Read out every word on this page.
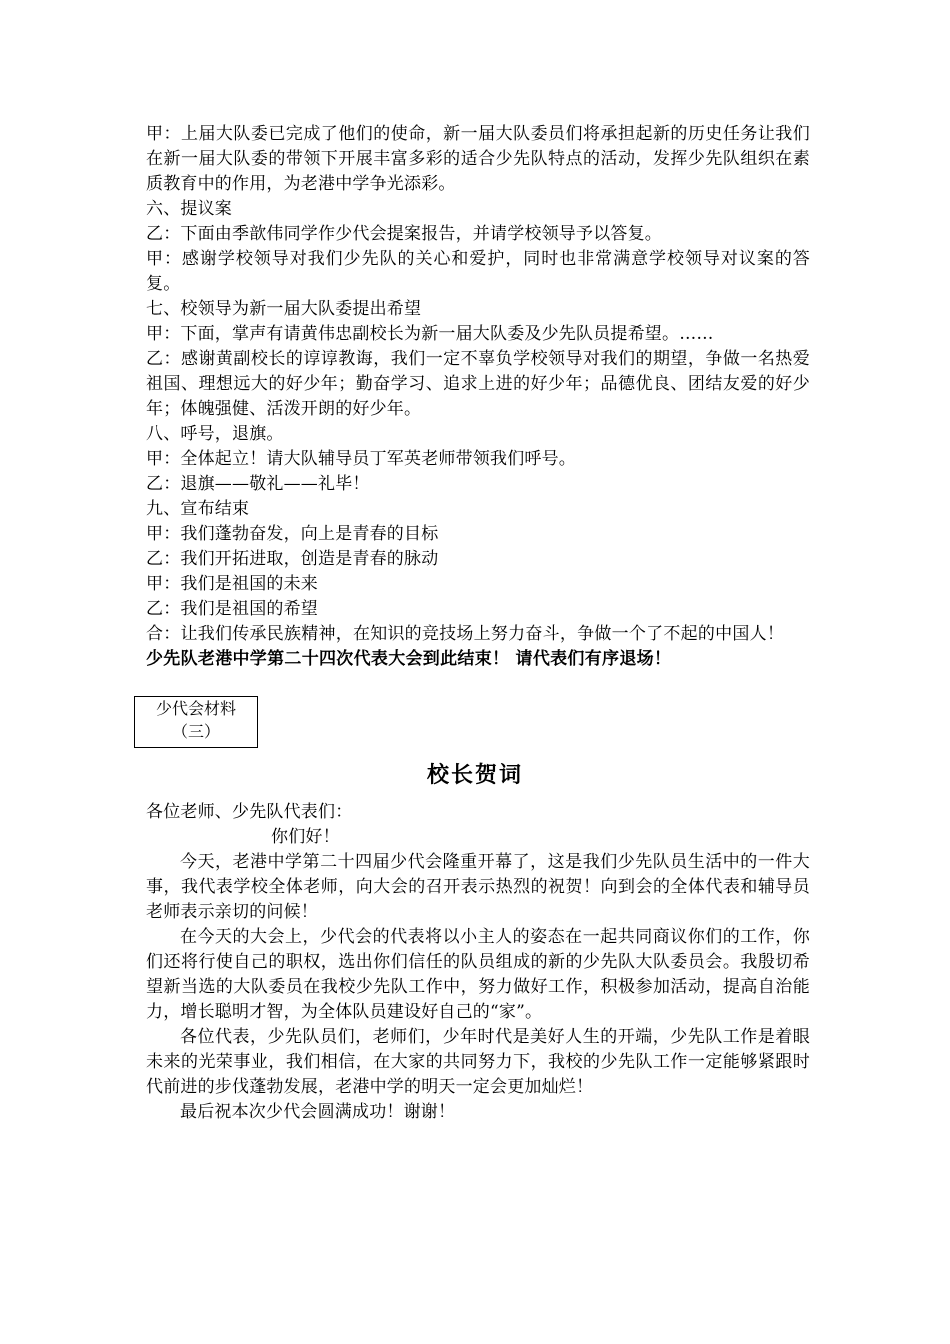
甲：上届大队委已完成了他们的使命，新一届大队委员们将承担起新的历史任务让我们在新一届大队委的带领下开展丰富多彩的适合少先队特点的活动，发挥少先队组织在素质教育中的作用，为老港中学争光添彩。

六、提议案

乙：下面由季歆伟同学作少代会提案报告，并请学校领导予以答复。

甲：感谢学校领导对我们少先队的关心和爱护，同时也非常满意学校领导对议案的答复。

七、校领导为新一届大队委提出希望

甲：下面，掌声有请黄伟忠副校长为新一届大队委及少先队员提希望。……

乙：感谢黄副校长的谆谆教诲，我们一定不辜负学校领导对我们的期望，争做一名热爱祖国、理想远大的好少年；勤奋学习、追求上进的好少年；品德优良、团结友爱的好少年；体魄强健、活泼开朗的好少年。

八、呼号，退旗。

甲：全体起立！请大队辅导员丁军英老师带领我们呼号。

乙：退旗——敬礼——礼毕！

九、宣布结束

甲：我们蓬勃奋发，向上是青春的目标

乙：我们开拓进取，创造是青春的脉动

甲：我们是祖国的未来

乙：我们是祖国的希望

合：让我们传承民族精神，在知识的竞技场上努力奋斗，争做一个了不起的中国人！  少先队老港中学第二十四次代表大会到此结束！ 请代表们有序退场！

少代会材料
（三）
校长贺词

各位老师、少先队代表们：

你们好！

今天，老港中学第二十四届少代会隆重开幕了，这是我们少先队员生活中的一件大事，我代表学校全体老师，向大会的召开表示热烈的祝贺！向到会的全体代表和辅导员老师表示亲切的问候！

在今天的大会上，少代会的代表将以小主人的姿态在一起共同商议你们的工作，你们还将行使自己的职权，选出你们信任的队员组成的新的少先队大队委员会。我殷切希望新当选的大队委员在我校少先队工作中，努力做好工作，积极参加活动，提高自治能力，增长聪明才智，为全体队员建设好自己的“家”。

各位代表，少先队员们，老师们，少年时代是美好人生的开端，少先队工作是着眼未来的光荣事业，我们相信，在大家的共同努力下，我校的少先队工作一定能够紧跟时代前进的步伐蓬勃发展，老港中学的明天一定会更加灿烂！

最后祝本次少代会圆满成功！谢谢！
